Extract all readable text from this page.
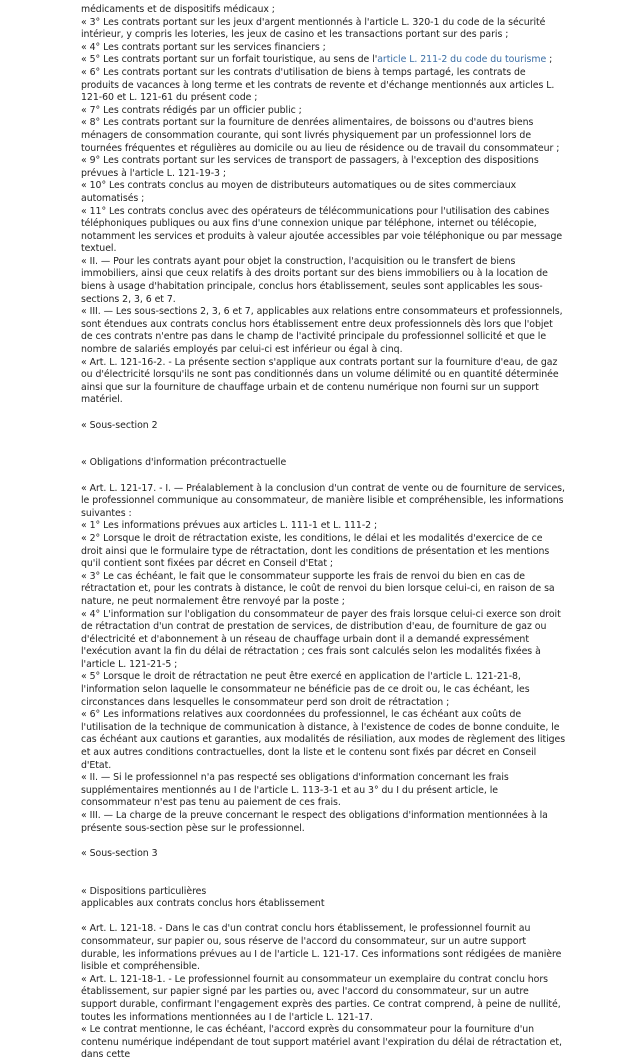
médicaments et de dispositifs médicaux ;
« 3° Les contrats portant sur les jeux d'argent mentionnés à l'article L. 320-1 du code de la sécurité intérieur, y compris les loteries, les jeux de casino et les transactions portant sur des paris ;
« 4° Les contrats portant sur les services financiers ;
« 5° Les contrats portant sur un forfait touristique, au sens de l'article L. 211-2 du code du tourisme ;
« 6° Les contrats portant sur les contrats d'utilisation de biens à temps partagé, les contrats de produits de vacances à long terme et les contrats de revente et d'échange mentionnés aux articles L. 121-60 et L. 121-61 du présent code ;
« 7° Les contrats rédigés par un officier public ;
« 8° Les contrats portant sur la fourniture de denrées alimentaires, de boissons ou d'autres biens ménagers de consommation courante, qui sont livrés physiquement par un professionnel lors de tournées fréquentes et régulières au domicile ou au lieu de résidence ou de travail du consommateur ;
« 9° Les contrats portant sur les services de transport de passagers, à l'exception des dispositions prévues à l'article L. 121-19-3 ;
« 10° Les contrats conclus au moyen de distributeurs automatiques ou de sites commerciaux automatisés ;
« 11° Les contrats conclus avec des opérateurs de télécommunications pour l'utilisation des cabines téléphoniques publiques ou aux fins d'une connexion unique par téléphone, internet ou télécopie, notamment les services et produits à valeur ajoutée accessibles par voie téléphonique ou par message textuel.
« II. — Pour les contrats ayant pour objet la construction, l'acquisition ou le transfert de biens immobiliers, ainsi que ceux relatifs à des droits portant sur des biens immobiliers ou à la location de biens à usage d'habitation principale, conclus hors établissement, seules sont applicables les sous-sections 2, 3, 6 et 7.
« III. — Les sous-sections 2, 3, 6 et 7, applicables aux relations entre consommateurs et professionnels, sont étendues aux contrats conclus hors établissement entre deux professionnels dès lors que l'objet de ces contrats n'entre pas dans le champ de l'activité principale du professionnel sollicité et que le nombre de salariés employés par celui-ci est inférieur ou égal à cinq.
« Art. L. 121-16-2. - La présente section s'applique aux contrats portant sur la fourniture d'eau, de gaz ou d'électricité lorsqu'ils ne sont pas conditionnés dans un volume délimité ou en quantité déterminée ainsi que sur la fourniture de chauffage urbain et de contenu numérique non fourni sur un support matériel.
« Sous-section 2
« Obligations d'information précontractuelle
« Art. L. 121-17. - I. — Préalablement à la conclusion d'un contrat de vente ou de fourniture de services, le professionnel communique au consommateur, de manière lisible et compréhensible, les informations suivantes :
« 1° Les informations prévues aux articles L. 111-1 et L. 111-2 ;
« 2° Lorsque le droit de rétractation existe, les conditions, le délai et les modalités d'exercice de ce droit ainsi que le formulaire type de rétractation, dont les conditions de présentation et les mentions qu'il contient sont fixées par décret en Conseil d'Etat ;
« 3° Le cas échéant, le fait que le consommateur supporte les frais de renvoi du bien en cas de rétractation et, pour les contrats à distance, le coût de renvoi du bien lorsque celui-ci, en raison de sa nature, ne peut normalement être renvoyé par la poste ;
« 4° L'information sur l'obligation du consommateur de payer des frais lorsque celui-ci exerce son droit de rétractation d'un contrat de prestation de services, de distribution d'eau, de fourniture de gaz ou d'électricité et d'abonnement à un réseau de chauffage urbain dont il a demandé expressément l'exécution avant la fin du délai de rétractation ; ces frais sont calculés selon les modalités fixées à l'article L. 121-21-5 ;
« 5° Lorsque le droit de rétractation ne peut être exercé en application de l'article L. 121-21-8, l'information selon laquelle le consommateur ne bénéficie pas de ce droit ou, le cas échéant, les circonstances dans lesquelles le consommateur perd son droit de rétractation ;
« 6° Les informations relatives aux coordonnées du professionnel, le cas échéant aux coûts de l'utilisation de la technique de communication à distance, à l'existence de codes de bonne conduite, le cas échéant aux cautions et garanties, aux modalités de résiliation, aux modes de règlement des litiges et aux autres conditions contractuelles, dont la liste et le contenu sont fixés par décret en Conseil d'Etat.
« II. — Si le professionnel n'a pas respecté ses obligations d'information concernant les frais supplémentaires mentionnés au I de l'article L. 113-3-1 et au 3° du I du présent article, le consommateur n'est pas tenu au paiement de ces frais.
« III. — La charge de la preuve concernant le respect des obligations d'information mentionnées à la présente sous-section pèse sur le professionnel.
« Sous-section 3
« Dispositions particulières
applicables aux contrats conclus hors établissement
« Art. L. 121-18. - Dans le cas d'un contrat conclu hors établissement, le professionnel fournit au consommateur, sur papier ou, sous réserve de l'accord du consommateur, sur un autre support durable, les informations prévues au I de l'article L. 121-17. Ces informations sont rédigées de manière lisible et compréhensible.
« Art. L. 121-18-1. - Le professionnel fournit au consommateur un exemplaire du contrat conclu hors établissement, sur papier signé par les parties ou, avec l'accord du consommateur, sur un autre support durable, confirmant l'engagement exprès des parties. Ce contrat comprend, à peine de nullité, toutes les informations mentionnées au I de l'article L. 121-17.
« Le contrat mentionne, le cas échéant, l'accord exprès du consommateur pour la fourniture d'un contenu numérique indépendant de tout support matériel avant l'expiration du délai de rétractation et, dans cette
